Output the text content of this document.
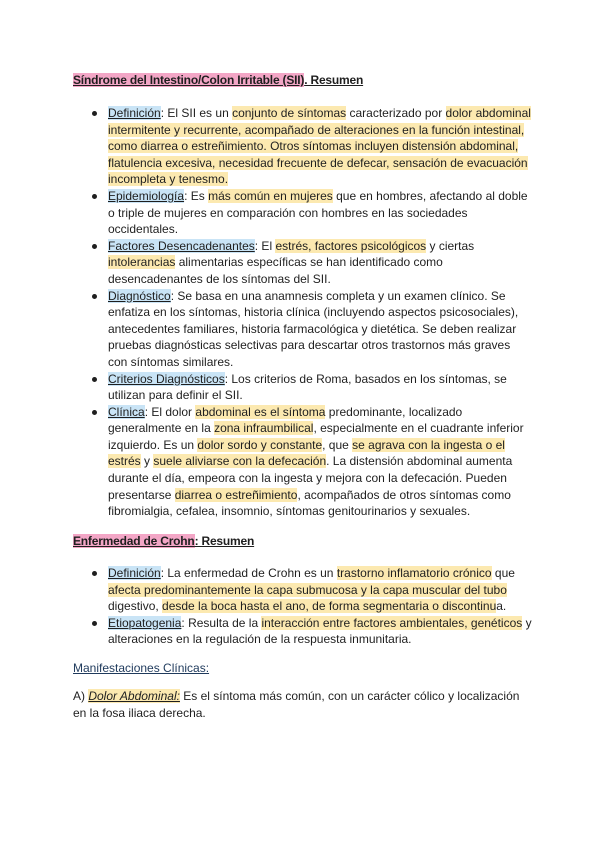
Síndrome del Intestino/Colon Irritable (SII). Resumen
Definición: El SII es un conjunto de síntomas caracterizado por dolor abdominal intermitente y recurrente, acompañado de alteraciones en la función intestinal, como diarrea o estreñimiento. Otros síntomas incluyen distensión abdominal, flatulencia excesiva, necesidad frecuente de defecar, sensación de evacuación incompleta y tenesmo.
Epidemiología: Es más común en mujeres que en hombres, afectando al doble o triple de mujeres en comparación con hombres en las sociedades occidentales.
Factores Desencadenantes: El estrés, factores psicológicos y ciertas intolerancias alimentarias específicas se han identificado como desencadenantes de los síntomas del SII.
Diagnóstico: Se basa en una anamnesis completa y un examen clínico. Se enfatiza en los síntomas, historia clínica (incluyendo aspectos psicosociales), antecedentes familiares, historia farmacológica y dietética. Se deben realizar pruebas diagnósticas selectivas para descartar otros trastornos más graves con síntomas similares.
Criterios Diagnósticos: Los criterios de Roma, basados en los síntomas, se utilizan para definir el SII.
Clínica: El dolor abdominal es el síntoma predominante, localizado generalmente en la zona infraumbilical, especialmente en el cuadrante inferior izquierdo. Es un dolor sordo y constante, que se agrava con la ingesta o el estrés y suele aliviarse con la defecación. La distensión abdominal aumenta durante el día, empeora con la ingesta y mejora con la defecación. Pueden presentarse diarrea o estreñimiento, acompañados de otros síntomas como fibromialgia, cefalea, insomnio, síntomas genitourinarios y sexuales.
Enfermedad de Crohn: Resumen
Definición: La enfermedad de Crohn es un trastorno inflamatorio crónico que afecta predominantemente la capa submucosa y la capa muscular del tubo digestivo, desde la boca hasta el ano, de forma segmentaria o discontinua.
Etiopatogenia: Resulta de la interacción entre factores ambientales, genéticos y alteraciones en la regulación de la respuesta inmunitaria.
Manifestaciones Clínicas:
A) Dolor Abdominal: Es el síntoma más común, con un carácter cólico y localización en la fosa iliaca derecha.
